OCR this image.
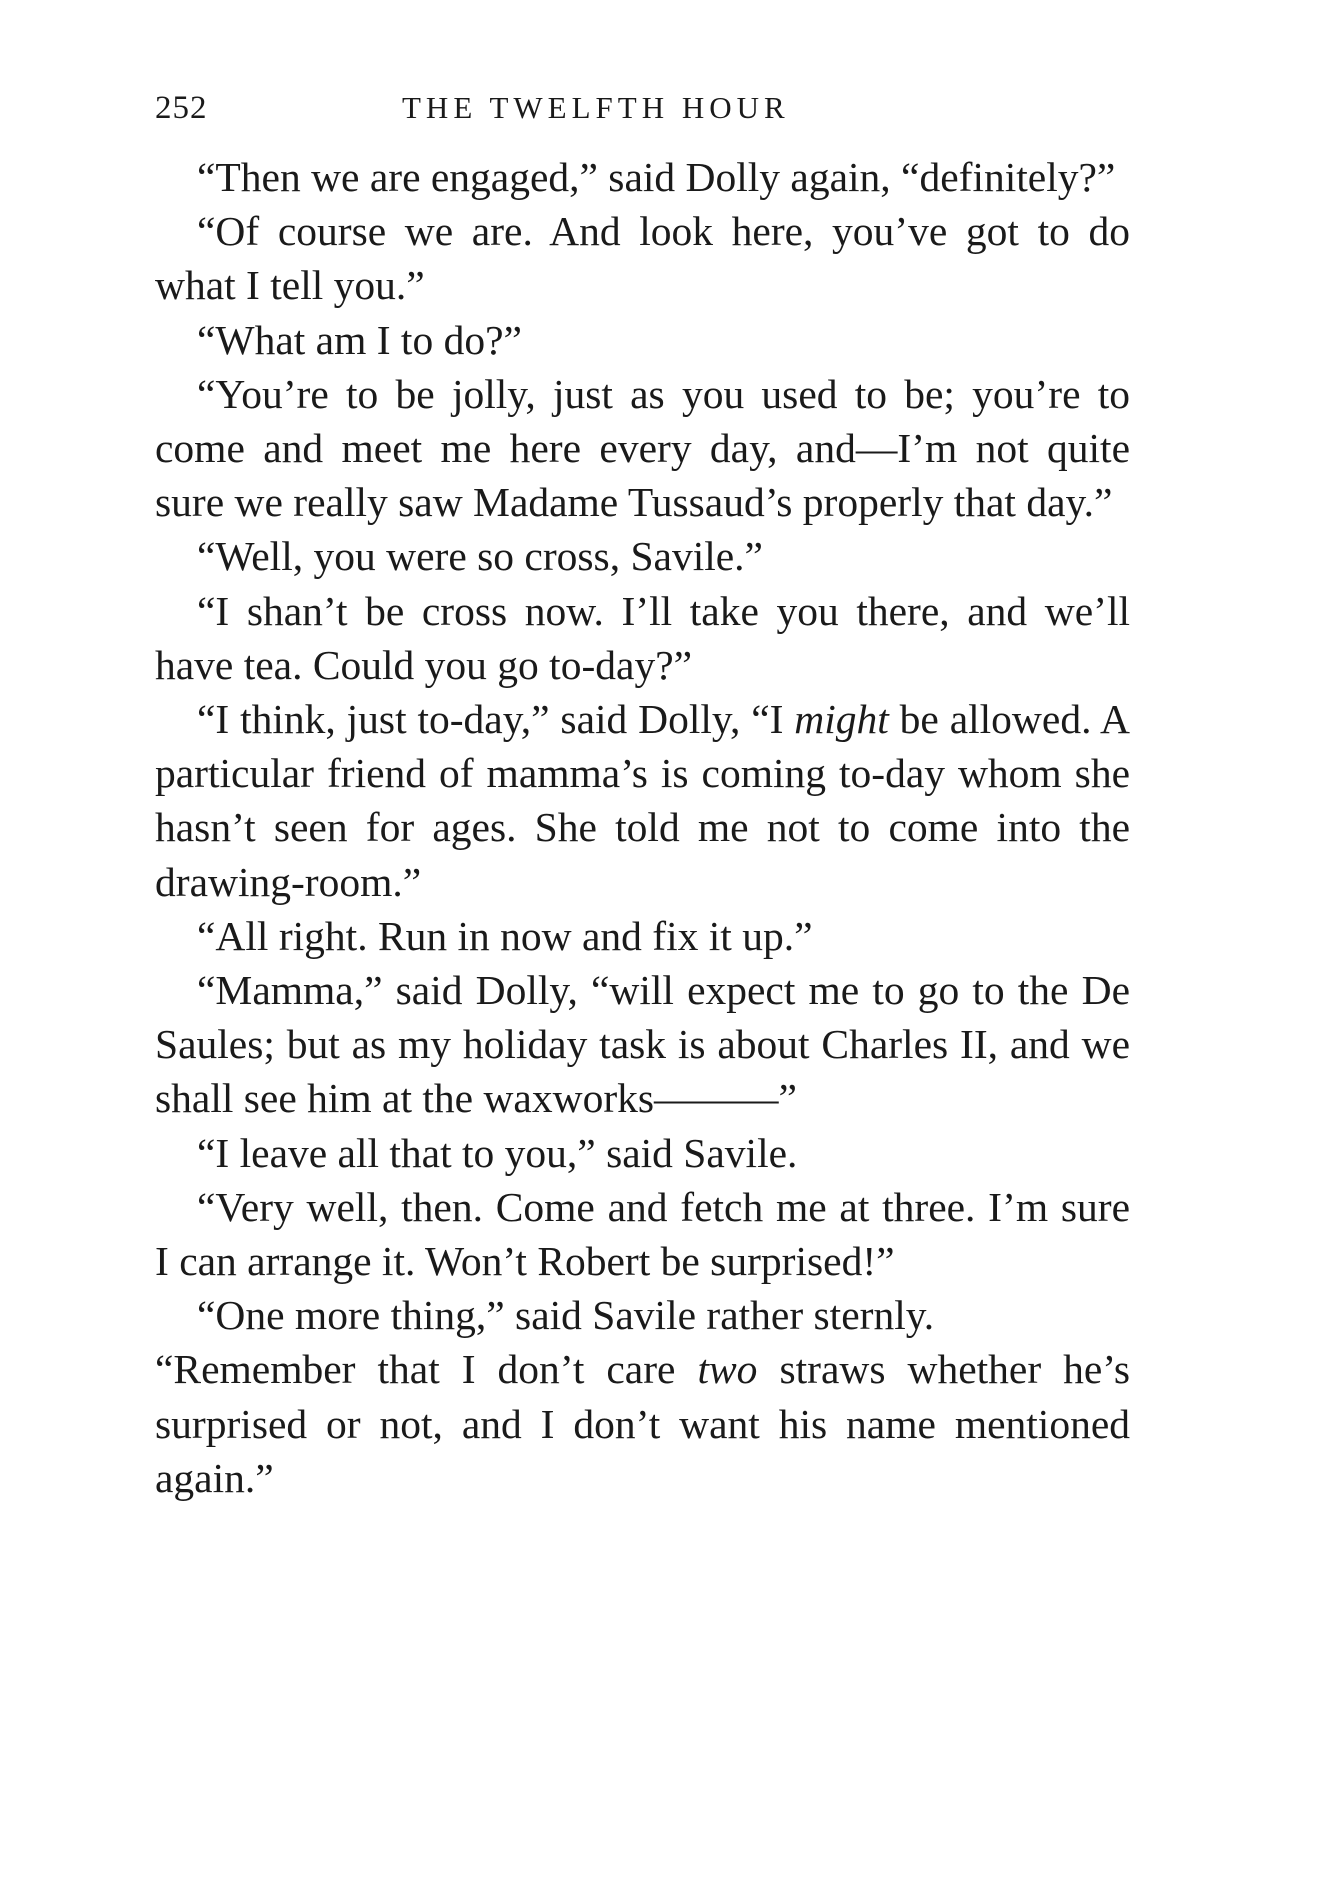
252	THE TWELFTH HOUR

“Then we are engaged,” said Dolly again, “definitely?”

“Of course we are. And look here, you’ve got to do what I tell you.”

“What am I to do?”

“You’re to be jolly, just as you used to be; you’re to come and meet me here every day, and—I’m not quite sure we really saw Madame Tussaud’s properly that day.”

“Well, you were so cross, Savile.”

“I shan’t be cross now. I’ll take you there, and we’ll have tea. Could you go to-day?”

“I think, just to-day,” said Dolly, “I might be allowed. A particular friend of mamma’s is coming to-day whom she hasn’t seen for ages. She told me not to come into the drawing-room.”

“All right. Run in now and fix it up.”

“Mamma,” said Dolly, “will expect me to go to the De Saules; but as my holiday task is about Charles II, and we shall see him at the waxworks———”

“I leave all that to you,” said Savile.

“Very well, then. Come and fetch me at three. I’m sure I can arrange it. Won’t Robert be surprised!”

“One more thing,” said Savile rather sternly.

“Remember that I don’t care two straws whether he’s surprised or not, and I don’t want his name mentioned again.”
